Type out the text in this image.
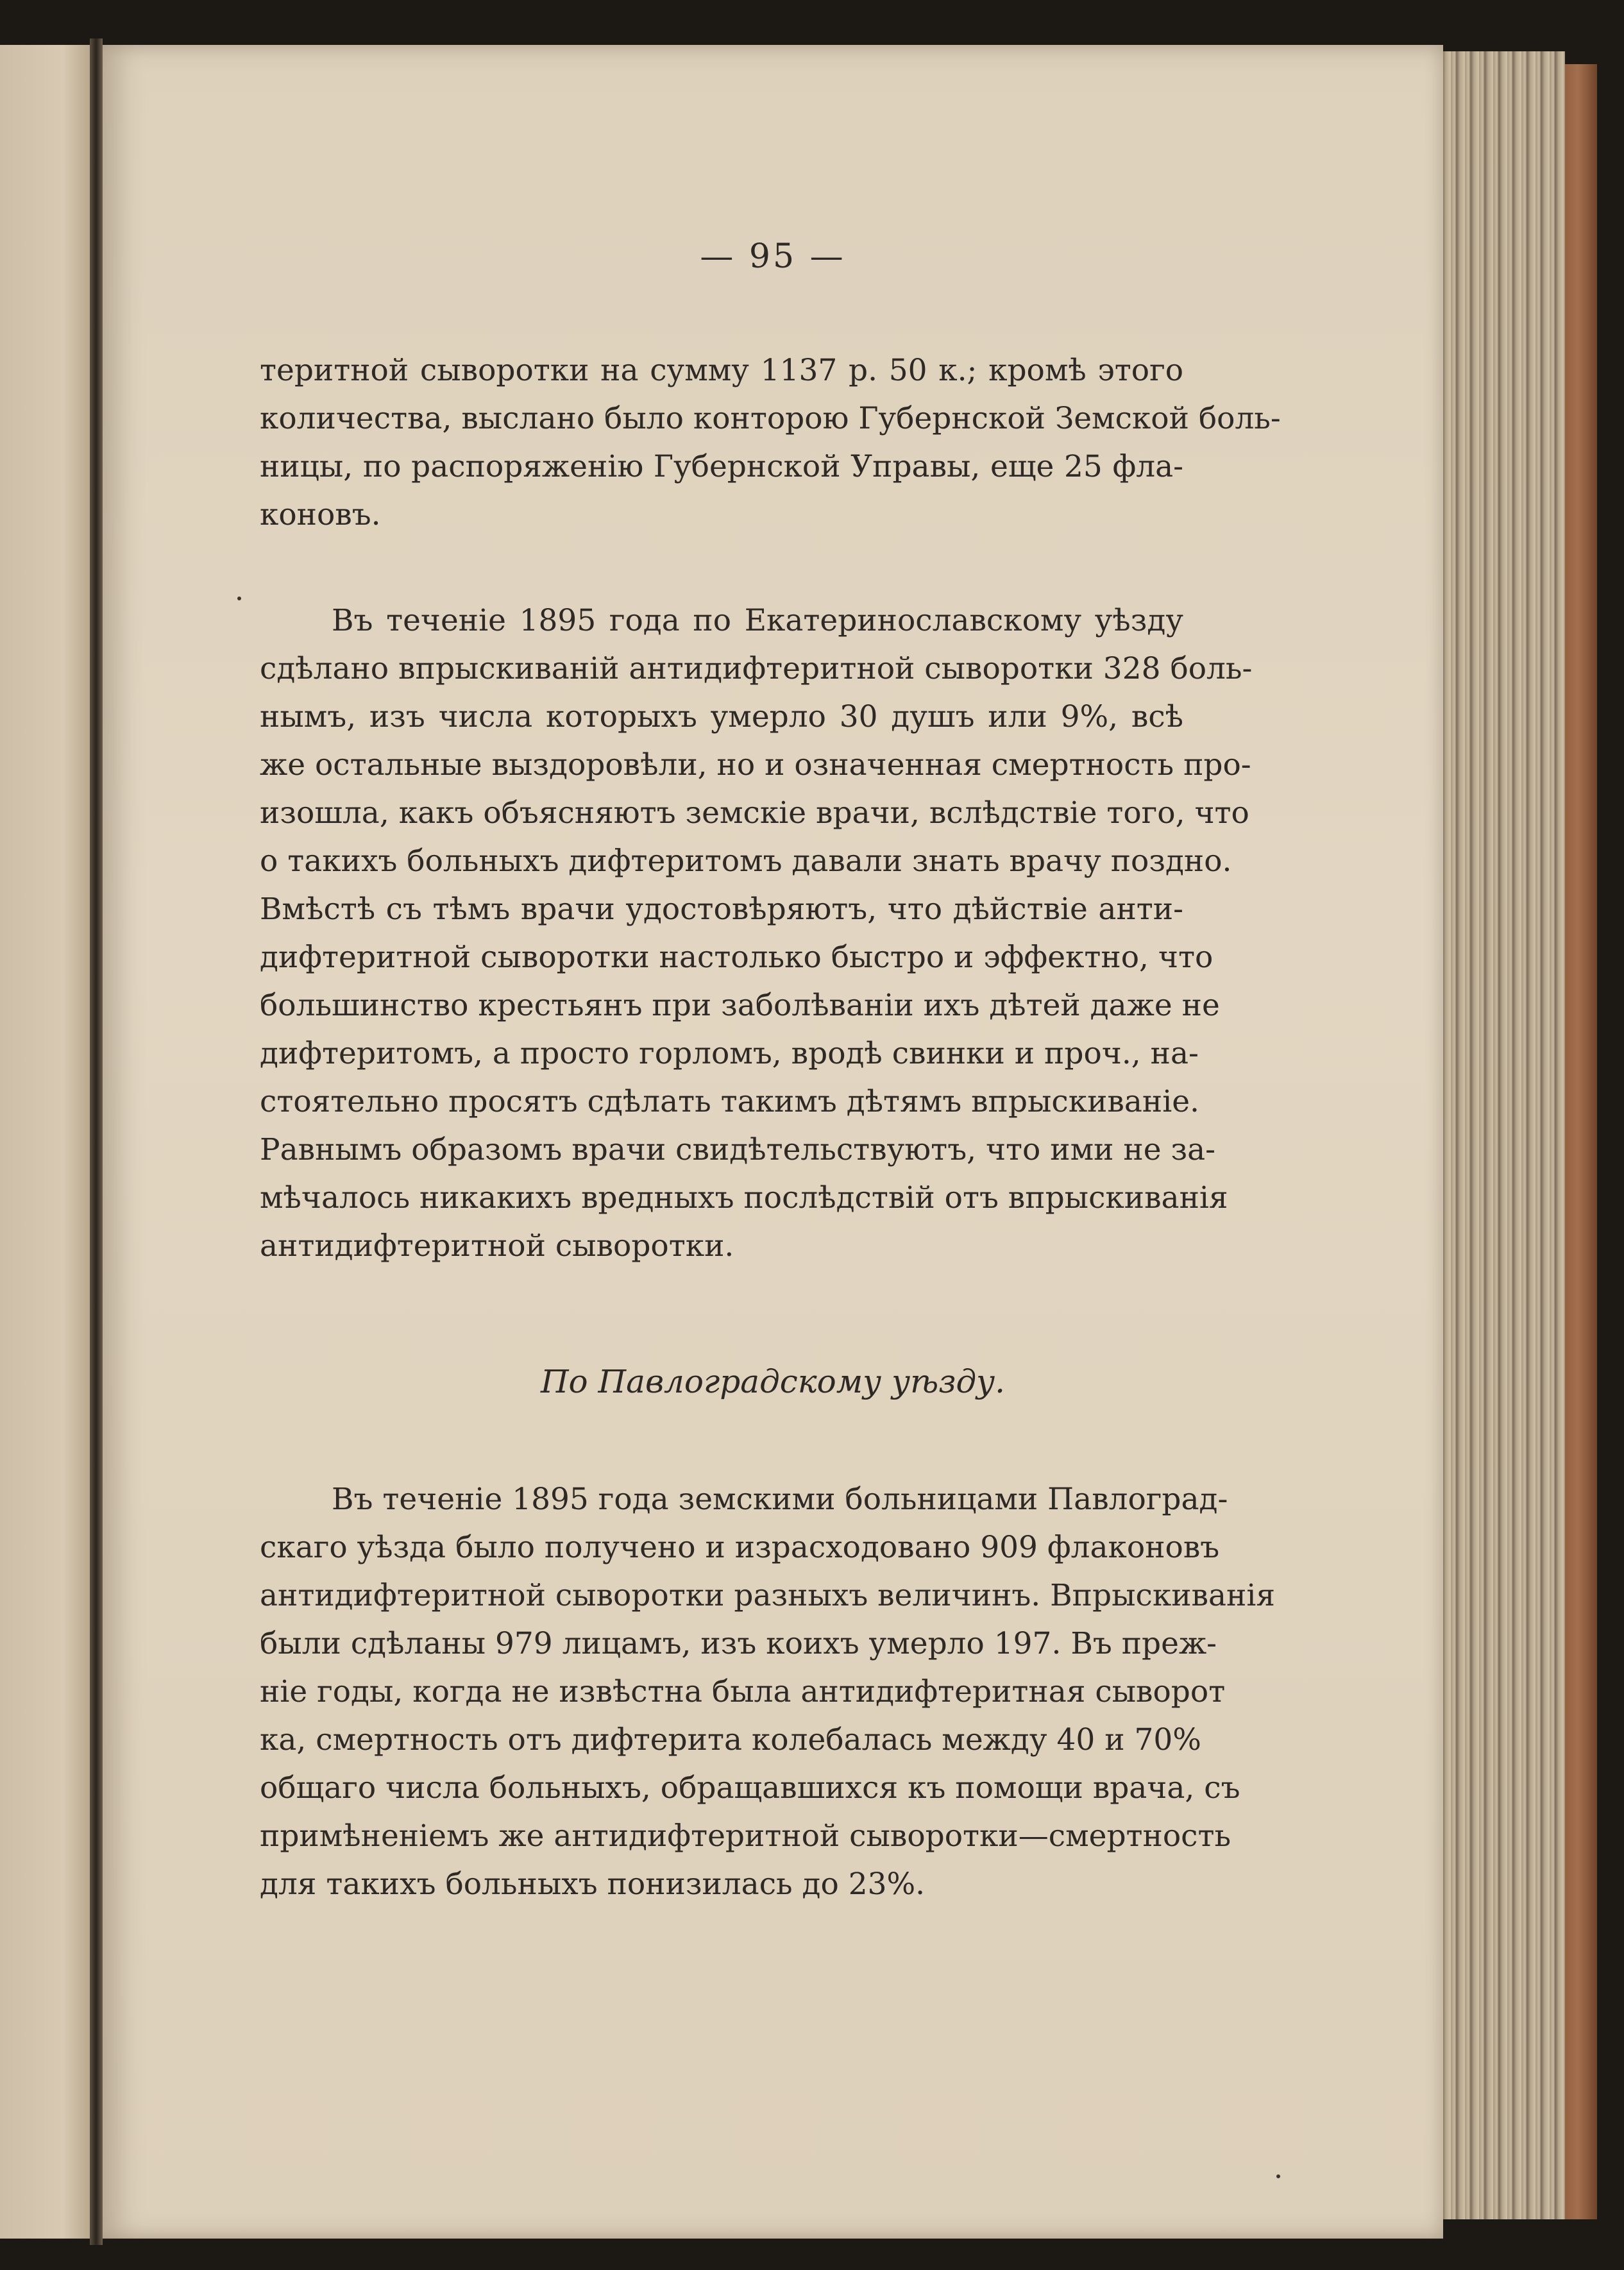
— 95 —
теритной сыворотки на сумму 1137 р. 50 к.; кромѣ этого
количества, выслано было конторою Губернской Земской боль-
ницы, по распоряженію Губернской Управы, еще 25 фла-
коновъ.
Въ теченіе 1895 года по Екатеринославскому уѣзду
сдѣлано впрыскиваній антидифтеритной сыворотки 328 боль-
нымъ, изъ числа которыхъ умерло 30 душъ или 9%, всѣ
же остальные выздоровѣли, но и означенная смертность про-
изошла, какъ объясняютъ земскіе врачи, вслѣдствіе того, что
о такихъ больныхъ дифтеритомъ давали знать врачу поздно.
Вмѣстѣ съ тѣмъ врачи удостовѣряютъ, что дѣйствіе анти-
дифтеритной сыворотки настолько быстро и эффектно, что
большинство крестьянъ при заболѣваніи ихъ дѣтей даже не
дифтеритомъ, а просто горломъ, вродѣ свинки и проч., на-
стоятельно просятъ сдѣлать такимъ дѣтямъ впрыскиваніе.
Равнымъ образомъ врачи свидѣтельствуютъ, что ими не за-
мѣчалось никакихъ вредныхъ послѣдствій отъ впрыскиванія
антидифтеритной сыворотки.
По Павлоградскому уѣзду.
Въ теченіе 1895 года земскими больницами Павлоград-
скаго уѣзда было получено и израсходовано 909 флаконовъ
антидифтеритной сыворотки разныхъ величинъ. Впрыскиванія
были сдѣланы 979 лицамъ, изъ коихъ умерло 197. Въ преж-
ніе годы, когда не извѣстна была антидифтеритная сыворот
ка, смертность отъ дифтерита колебалась между 40 и 70%
общаго числа больныхъ, обращавшихся къ помощи врача, съ
примѣненіемъ же антидифтеритной сыворотки—смертность
для такихъ больныхъ понизилась до 23%.
